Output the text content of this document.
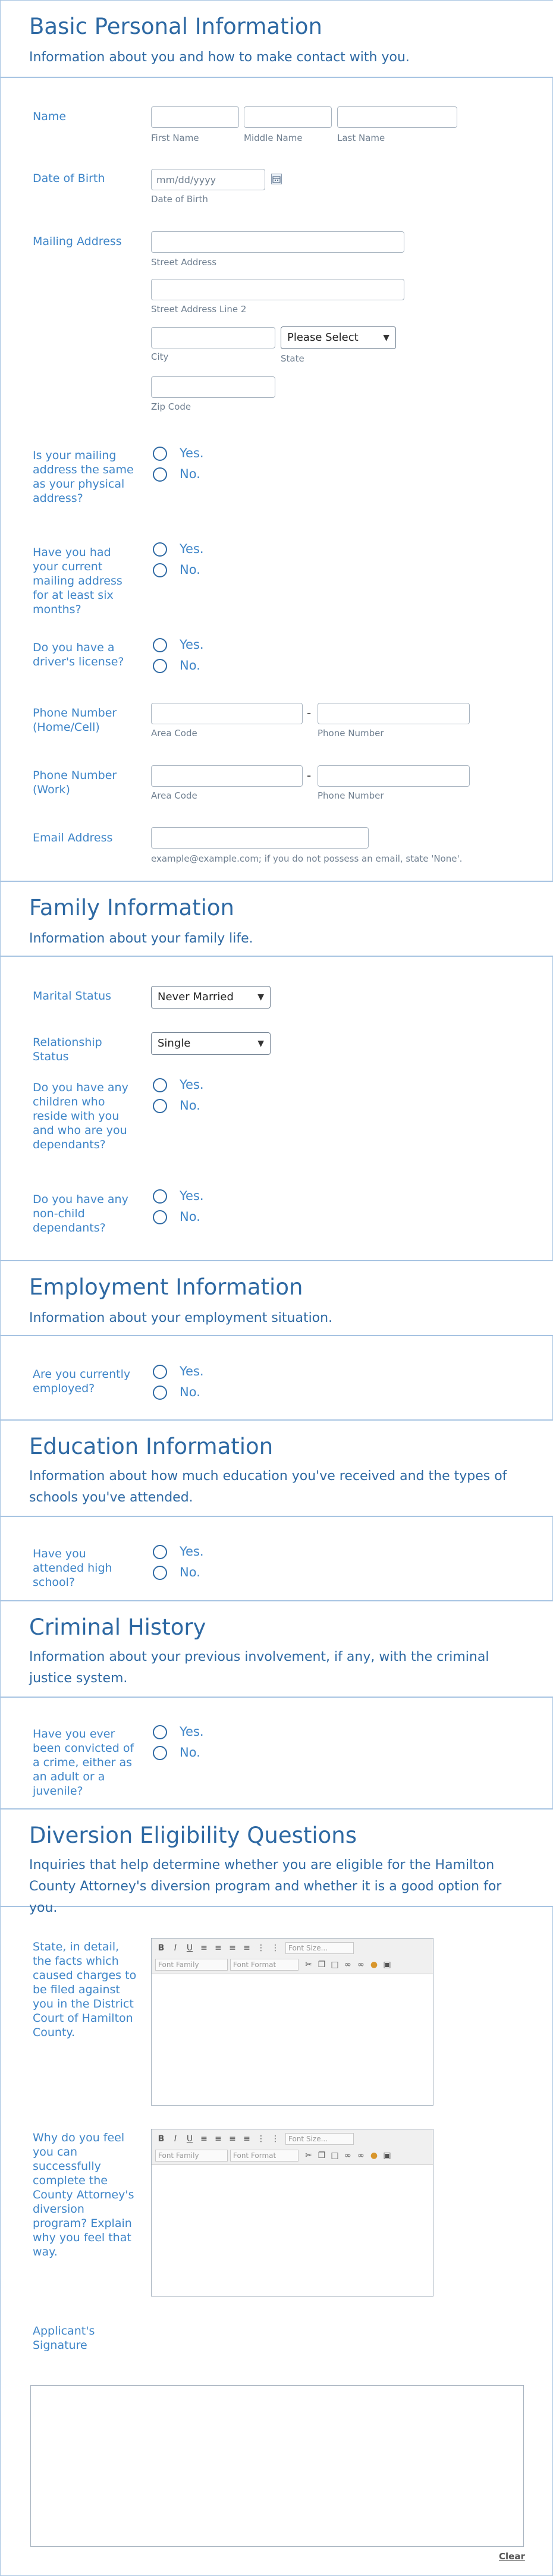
Basic Personal Information

Information about you and how to make contact with you.

Name
First Name	Middle Name	Last Name
Date of Birth
mm/dd/yyyy
Date of Birth
Mailing Address
Street Address
Street Address Line 2
City
Please Select	▼
State
Zip Code
Is your mailing address the same as your physical address?
Yes.
No.
Have you had your current mailing address for at least six months?
Yes.
No.
Do you have a driver's license?
Yes.
No.
Phone Number (Home/Cell)
-
Area Code	Phone Number
Phone Number (Work)
-
Area Code	Phone Number
Email Address
example@example.com; if you do not possess an email, state 'None'.
Family Information

Information about your family life.

Marital Status	Never Married	▼
Relationship Status
Single	▼
Do you have any children who reside with you and who are you dependants?
Yes.
No.
Do you have any non-child dependants?
Yes.
No.
Employment Information

Information about your employment situation.

Are you currently employed?
Yes.
No.
Education Information

Information about how much education you've received and the types of schools you've attended.

Have you attended high school?
Yes.
No.
Criminal History

Information about your previous involvement, if any, with the criminal justice system.

Have you ever been convicted of a crime, either as an adult or a juvenile?
Yes.
No.
Diversion Eligibility Questions

Inquiries that help determine whether you are eligible for the Hamilton County Attorney's diversion program and whether it is a good option for you.

State, in detail, the facts which caused charges to be filed against you in the District Court of Hamilton County.
B	I	U ≡ ≡ ≡ ≡ ⋮ ⋮	Font Size...
Font Family	Font Format	✂ ❐ □ ∞ ∞ ● ▣
Why do you feel you can successfully complete the County Attorney's diversion program? Explain why you feel that way.
B	I	U ≡ ≡ ≡ ≡ ⋮ ⋮	Font Size...
Font Family	Font Format	✂ ❐ □ ∞ ∞ ● ▣
Applicant's Signature
Clear
